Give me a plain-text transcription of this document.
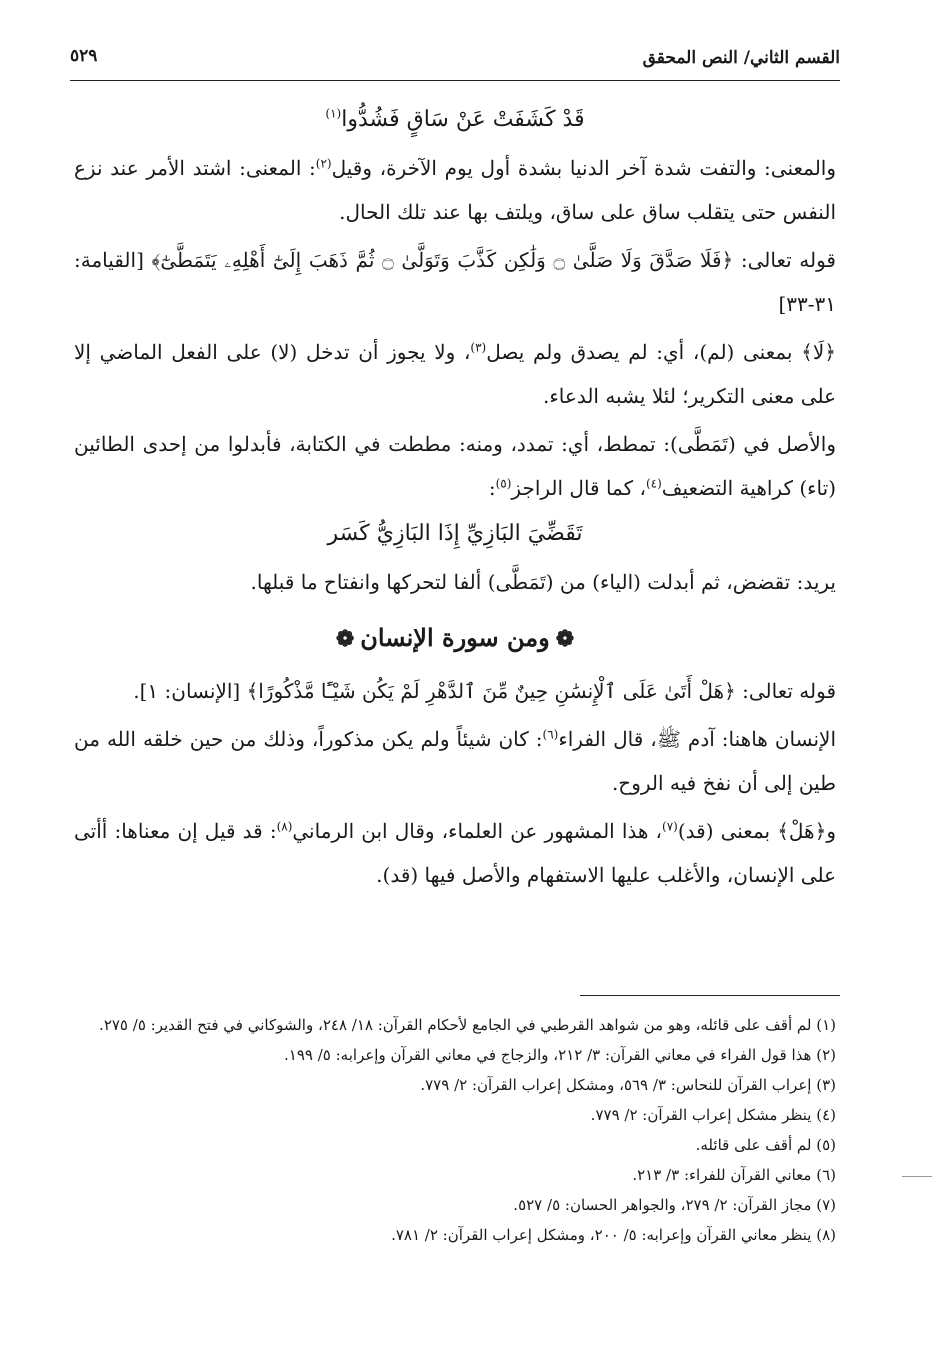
القسم الثاني/ النص المحقق
٥٢٩
قَدْ كَشَفَتْ عَنْ سَاقٍ فَشُدُّوا$^{(١)}$

والمعنى: والتفت شدة آخر الدنيا بشدة أول يوم الآخرة، وقيل$^{(٢)}$: المعنى: اشتد الأمر عند نزع النفس حتى يتقلب ساق على ساق، ويلتف بها عند تلك الحال.

قوله تعالى: ﴿فَلَا صَدَّقَ وَلَا صَلَّىٰ ۝ وَلَٰكِن كَذَّبَ وَتَوَلَّىٰ ۝ ثُمَّ ذَهَبَ إِلَىٰٓ أَهْلِهِۦ يَتَمَطَّىٰٓ﴾ [القيامة: ٣١-٣٣]

﴿لَا﴾ بمعنى (لم)، أي: لم يصدق ولم يصل$^{(٣)}$، ولا يجوز أن تدخل (لا) على الفعل الماضي إلا على معنى التكرير؛ لئلا يشبه الدعاء.

والأصل في (تَمَطَّى): تمطط، أي: تمدد، ومنه: مططت في الكتابة، فأبدلوا من إحدى الطائين (تاء) كراهية التضعيف$^{(٤)}$، كما قال الراجز$^{(٥)}$:

تَقَضِّيَ البَازِيِّ إِذَا البَازِيُّ كَسَر

يريد: تقضض، ثم أبدلت (الياء) من (تَمَطَّى) ألفا لتحركها وانفتاح ما قبلها.

❁ومن سورة الإنسان❁

قوله تعالى: ﴿هَلْ أَتَىٰ عَلَى ٱلْإِنسَٰنِ حِينٌ مِّنَ ٱلدَّهْرِ لَمْ يَكُن شَيْـًٔا مَّذْكُورًا﴾ [الإنسان: ١].

الإنسان هاهنا: آدم ﷺ، قال الفراء$^{(٦)}$: كان شيئاً ولم يكن مذكوراً، وذلك من حين خلقه الله من طين إلى أن نفخ فيه الروح.

و﴿هَلْ﴾ بمعنى (قد)$^{(٧)}$، هذا المشهور عن العلماء، وقال ابن الرماني$^{(٨)}$: قد قيل إن معناها: أأتى على الإنسان، والأغلب عليها الاستفهام والأصل فيها (قد).

(١) لم أقف على قائله، وهو من شواهد القرطبي في الجامع لأحكام القرآن: ١٨/ ٢٤٨، والشوكاني في فتح القدير: ٥/ ٢٧٥.

(٢) هذا قول الفراء في معاني القرآن: ٣/ ٢١٢، والزجاج في معاني القرآن وإعرابه: ٥/ ١٩٩.

(٣) إعراب القرآن للنحاس: ٣/ ٥٦٩، ومشكل إعراب القرآن: ٢/ ٧٧٩.

(٤) ينظر مشكل إعراب القرآن: ٢/ ٧٧٩.

(٥) لم أقف على قائله.

(٦) معاني القرآن للفراء: ٣/ ٢١٣.

(٧) مجاز القرآن: ٢/ ٢٧٩، والجواهر الحسان: ٥/ ٥٢٧.

(٨) ينظر معاني القرآن وإعرابه: ٥/ ٢٠٠، ومشكل إعراب القرآن: ٢/ ٧٨١.
